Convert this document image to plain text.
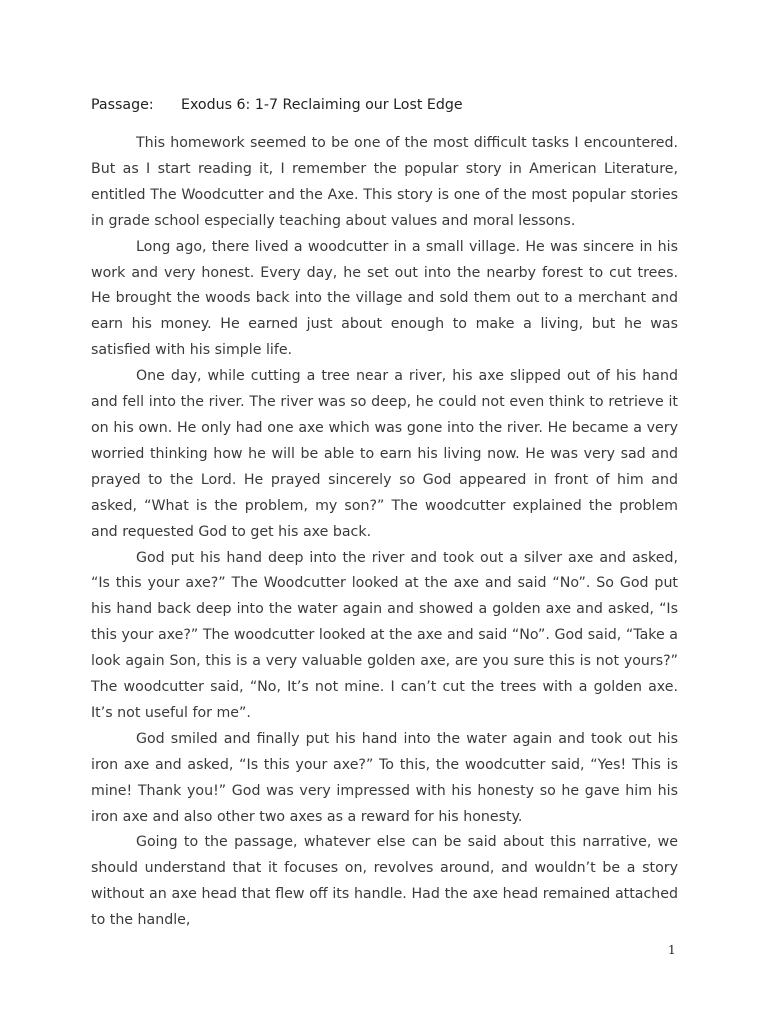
Passage: Exodus 6: 1-7 Reclaiming our Lost Edge

This homework seemed to be one of the most difficult tasks I encountered. But as I start reading it, I remember the popular story in American Literature, entitled The Woodcutter and the Axe. This story is one of the most popular stories in grade school especially teaching about values and moral lessons.

Long ago, there lived a woodcutter in a small village. He was sincere in his work and very honest. Every day, he set out into the nearby forest to cut trees. He brought the woods back into the village and sold them out to a merchant and earn his money. He earned just about enough to make a living, but he was satisfied with his simple life.

One day, while cutting a tree near a river, his axe slipped out of his hand and fell into the river. The river was so deep, he could not even think to retrieve it on his own. He only had one axe which was gone into the river. He became a very worried thinking how he will be able to earn his living now. He was very sad and prayed to the Lord. He prayed sincerely so God appeared in front of him and asked, “What is the problem, my son?” The woodcutter explained the problem and requested God to get his axe back.

God put his hand deep into the river and took out a silver axe and asked, “Is this your axe?” The Woodcutter looked at the axe and said “No”. So God put his hand back deep into the water again and showed a golden axe and asked, “Is this your axe?” The woodcutter looked at the axe and said “No”. God said, “Take a look again Son, this is a very valuable golden axe, are you sure this is not yours?” The woodcutter said, “No, It’s not mine. I can’t cut the trees with a golden axe. It’s not useful for me”.

God smiled and finally put his hand into the water again and took out his iron axe and asked, “Is this your axe?” To this, the woodcutter said, “Yes! This is mine! Thank you!” God was very impressed with his honesty so he gave him his iron axe and also other two axes as a reward for his honesty.

Going to the passage, whatever else can be said about this narrative, we should understand that it focuses on, revolves around, and wouldn’t be a story without an axe head that flew off its handle. Had the axe head remained attached to the handle,

1
